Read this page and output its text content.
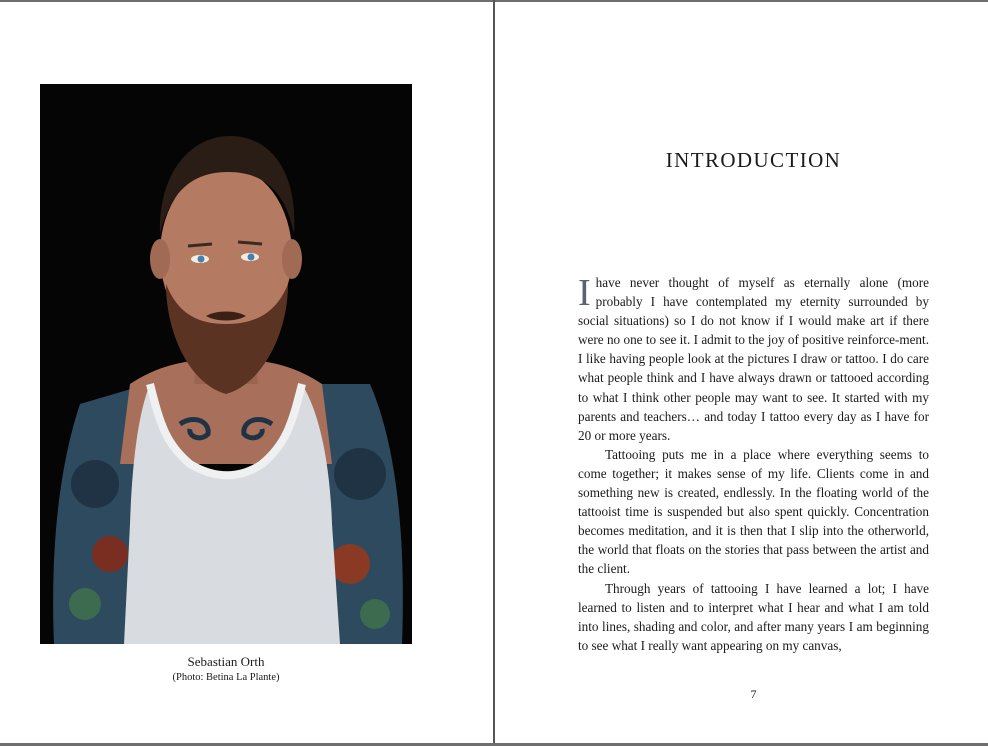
Sebastian Orth
(Photo: Betina La Plante)
INTRODUCTION

I have never thought of myself as eternally alone (more probably I have contemplated my eternity surrounded by social situations) so I do not know if I would make art if there were no one to see it. I admit to the joy of positive reinforce-ment. I like having people look at the pictures I draw or tattoo. I do care what people think and I have always drawn or tattooed according to what I think other people may want to see. It started with my parents and teachers… and today I tattoo every day as I have for 20 or more years.

Tattooing puts me in a place where everything seems to come together; it makes sense of my life. Clients come in and something new is created, endlessly. In the floating world of the tattooist time is suspended but also spent quickly. Concentration becomes meditation, and it is then that I slip into the otherworld, the world that floats on the stories that pass between the artist and the client.

Through years of tattooing I have learned a lot; I have learned to listen and to interpret what I hear and what I am told into lines, shading and color, and after many years I am beginning to see what I really want appearing on my canvas,

7
